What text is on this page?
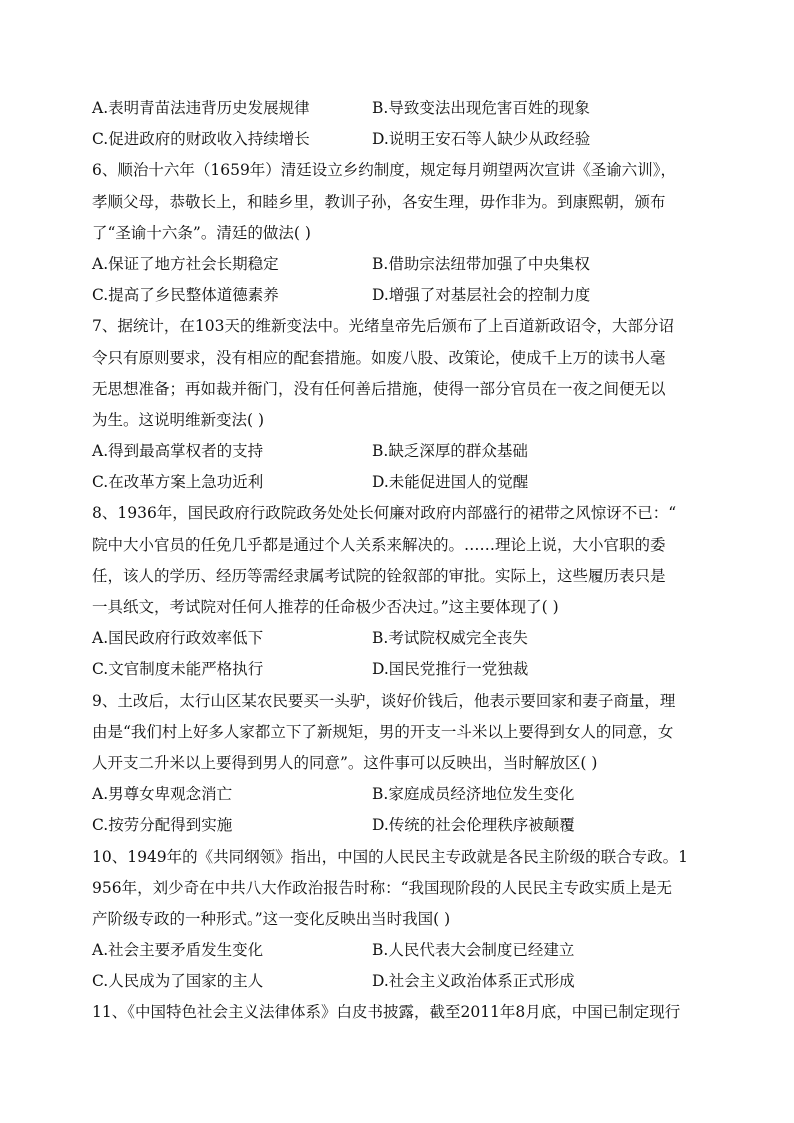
A.表明青苗法违背历史发展规律	B.导致变法出现危害百姓的现象
C.促进政府的财政收入持续增长	D.说明王安石等人缺少从政经验
6、顺治十六年（1659年）清廷设立乡约制度，规定每月朔望两次宣讲《圣谕六训》，
孝顺父母，恭敬长上，和睦乡里，教训子孙，各安生理，毋作非为。到康熙朝，颁布
了“圣谕十六条”。清廷的做法( )
A.保证了地方社会长期稳定	B.借助宗法纽带加强了中央集权
C.提高了乡民整体道德素养	D.增强了对基层社会的控制力度
7、据统计，在103天的维新变法中。光绪皇帝先后颁布了上百道新政诏令，大部分诏
令只有原则要求，没有相应的配套措施。如废八股、改策论，使成千上万的读书人毫
无思想准备；再如裁并衙门，没有任何善后措施，使得一部分官员在一夜之间便无以
为生。这说明维新变法( )
A.得到最高掌权者的支持	B.缺乏深厚的群众基础
C.在改革方案上急功近利	D.未能促进国人的觉醒
8、1936年，国民政府行政院政务处处长何廉对政府内部盛行的裙带之风惊讶不已：“
院中大小官员的任免几乎都是通过个人关系来解决的。……理论上说，大小官职的委
任，该人的学历、经历等需经隶属考试院的铨叙部的审批。实际上，这些履历表只是
一具纸文，考试院对任何人推荐的任命极少否决过。”这主要体现了( )
A.国民政府行政效率低下	B.考试院权威完全丧失
C.文官制度未能严格执行	D.国民党推行一党独裁
9、土改后，太行山区某农民要买一头驴，谈好价钱后，他表示要回家和妻子商量，理
由是“我们村上好多人家都立下了新规矩，男的开支一斗米以上要得到女人的同意，女
人开支二升米以上要得到男人的同意”。这件事可以反映出，当时解放区( )
A.男尊女卑观念消亡	B.家庭成员经济地位发生变化
C.按劳分配得到实施	D.传统的社会伦理秩序被颠覆
10、1949年的《共同纲领》指出，中国的人民民主专政就是各民主阶级的联合专政。1
956年，刘少奇在中共八大作政治报告时称：“我国现阶段的人民民主专政实质上是无
产阶级专政的一种形式。”这一变化反映出当时我国( )
A.社会主要矛盾发生变化	B.人民代表大会制度已经建立
C.人民成为了国家的主人	D.社会主义政治体系正式形成
11、《中国特色社会主义法律体系》白皮书披露，截至2011年8月底，中国已制定现行
